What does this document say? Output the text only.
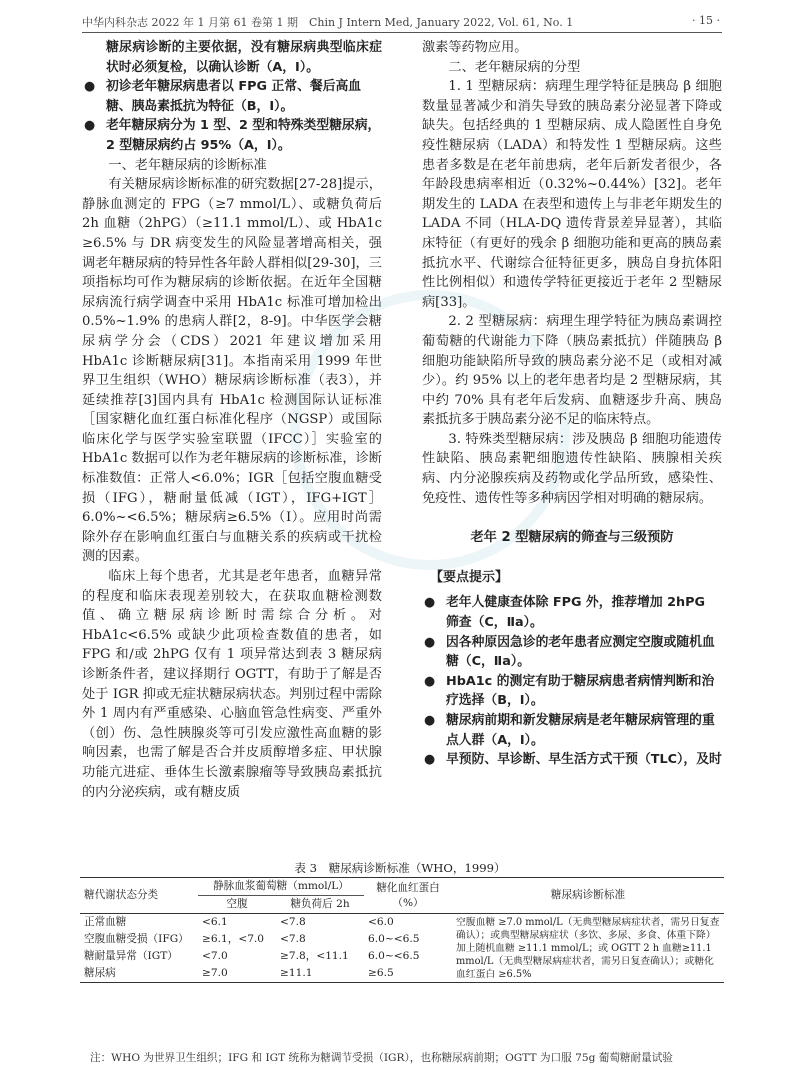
中华内科杂志 2022 年 1 月第 61 卷第 1 期　Chin J Intern Med, January 2022, Vol. 61, No. 1	· 15 ·

糖尿病诊断的主要依据，没有糖尿病典型临床症状时必须复检，以确认诊断（A，Ⅰ）。

● 初诊老年糖尿病患者以 FPG 正常、餐后高血糖、胰岛素抵抗为特征（B，Ⅰ）。
● 老年糖尿病分为 1 型、2 型和特殊类型糖尿病，2 型糖尿病约占 95%（A，Ⅰ）。

一、老年糖尿病的诊断标准

有关糖尿病诊断标准的研究数据[27-28]提示，静脉血测定的 FPG（≥7 mmol/L）、或糖负荷后 2h 血糖（2hPG）（≥11.1 mmol/L）、或 HbA1c ≥6.5% 与 DR 病变发生的风险显著增高相关，强调老年糖尿病的特异性各年龄人群相似[29-30]，三项指标均可作为糖尿病的诊断依据。在近年全国糖尿病流行病学调查中采用 HbA1c 标准可增加检出 0.5%~1.9% 的患病人群[2，8-9]。中华医学会糖尿病学分会（CDS）2021 年建议增加采用 HbA1c 诊断糖尿病[31]。本指南采用 1999 年世界卫生组织（WHO）糖尿病诊断标准（表3），并延续推荐[3]国内具有 HbA1c 检测国际认证标准［国家糖化血红蛋白标准化程序（NGSP）或国际临床化学与医学实验室联盟（IFCC）］实验室的 HbA1c 数据可以作为老年糖尿病的诊断标准，诊断标准数值：正常人<6.0%；IGR［包括空腹血糖受损（IFG），糖耐量低减（IGT），IFG+IGT］6.0%~<6.5%；糖尿病≥6.5%（Ⅰ）。应用时尚需除外存在影响血红蛋白与血糖关系的疾病或干扰检测的因素。

临床上每个患者，尤其是老年患者，血糖异常的程度和临床表现差别较大，在获取血糖检测数值、确立糖尿病诊断时需综合分析。对 HbA1c<6.5% 或缺少此项检查数值的患者，如 FPG 和/或 2hPG 仅有 1 项异常达到表 3 糖尿病诊断条件者，建议择期行 OGTT，有助于了解是否处于 IGR 抑或无症状糖尿病状态。判别过程中需除外 1 周内有严重感染、心脑血管急性病变、严重外（创）伤、急性胰腺炎等可引发应激性高血糖的影响因素，也需了解是否合并皮质醇增多症、甲状腺功能亢进症、垂体生长激素腺瘤等导致胰岛素抵抗的内分泌疾病，或有糖皮质

激素等药物应用。

二、老年糖尿病的分型

1. 1 型糖尿病：病理生理学特征是胰岛 β 细胞数量显著减少和消失导致的胰岛素分泌显著下降或缺失。包括经典的 1 型糖尿病、成人隐匿性自身免疫性糖尿病（LADA）和特发性 1 型糖尿病。这些患者多数是在老年前患病，老年后新发者很少，各年龄段患病率相近（0.32%~0.44%）[32]。老年期发生的 LADA 在表型和遗传上与非老年期发生的 LADA 不同（HLA-DQ 遗传背景差异显著），其临床特征（有更好的残余 β 细胞功能和更高的胰岛素抵抗水平、代谢综合征特征更多，胰岛自身抗体阳性比例相似）和遗传学特征更接近于老年 2 型糖尿病[33]。

2. 2 型糖尿病：病理生理学特征为胰岛素调控葡萄糖的代谢能力下降（胰岛素抵抗）伴随胰岛 β 细胞功能缺陷所导致的胰岛素分泌不足（或相对减少）。约 95% 以上的老年患者均是 2 型糖尿病，其中约 70% 具有老年后发病、血糖逐步升高、胰岛素抵抗多于胰岛素分泌不足的临床特点。

3. 特殊类型糖尿病：涉及胰岛 β 细胞功能遗传性缺陷、胰岛素靶细胞遗传性缺陷、胰腺相关疾病、内分泌腺疾病及药物或化学品所致，感染性、免疫性、遗传性等多种病因学相对明确的糖尿病。

老年 2 型糖尿病的筛查与三级预防
【要点提示】
● 老年人健康查体除 FPG 外，推荐增加 2hPG 筛查（C，Ⅱa）。
● 因各种原因急诊的老年患者应测定空腹或随机血糖（C，Ⅱa）。
● HbA1c 的测定有助于糖尿病患者病情判断和治疗选择（B，Ⅰ）。
● 糖尿病前期和新发糖尿病是老年糖尿病管理的重点人群（A，Ⅰ）。
● 早预防、早诊断、早生活方式干预（TLC），及时
表 3　糖尿病诊断标准（WHO，1999）
糖代谢状态分类	静脉血浆葡萄糖（mmol/L）		糖化血红蛋白（%）	糖尿病诊断标准
	空腹	糖负荷后 2h		
正常血糖	<6.1	<7.8	<6.0	空腹血糖 ≥7.0 mmol/L（无典型糖尿病症状者，需另日复查确认）；或典型糖尿病症状（多饮、多尿、多食、体重下降）加上随机血糖 ≥11.1 mmol/L；或 OGTT 2 h 血糖≥11.1 mmol/L（无典型糖尿病症状者，需另日复查确认）；或糖化血红蛋白 ≥6.5%
空腹血糖受损（IFG）	≥6.1，<7.0	<7.8	6.0~<6.5	
糖耐量异常（IGT）	<7.0	≥7.8，<11.1	6.0~<6.5	
糖尿病	≥7.0	≥11.1	≥6.5	
注：WHO 为世界卫生组织；IFG 和 IGT 统称为糖调节受损（IGR），也称糖尿病前期；OGTT 为口服 75g 葡萄糖耐量试验
